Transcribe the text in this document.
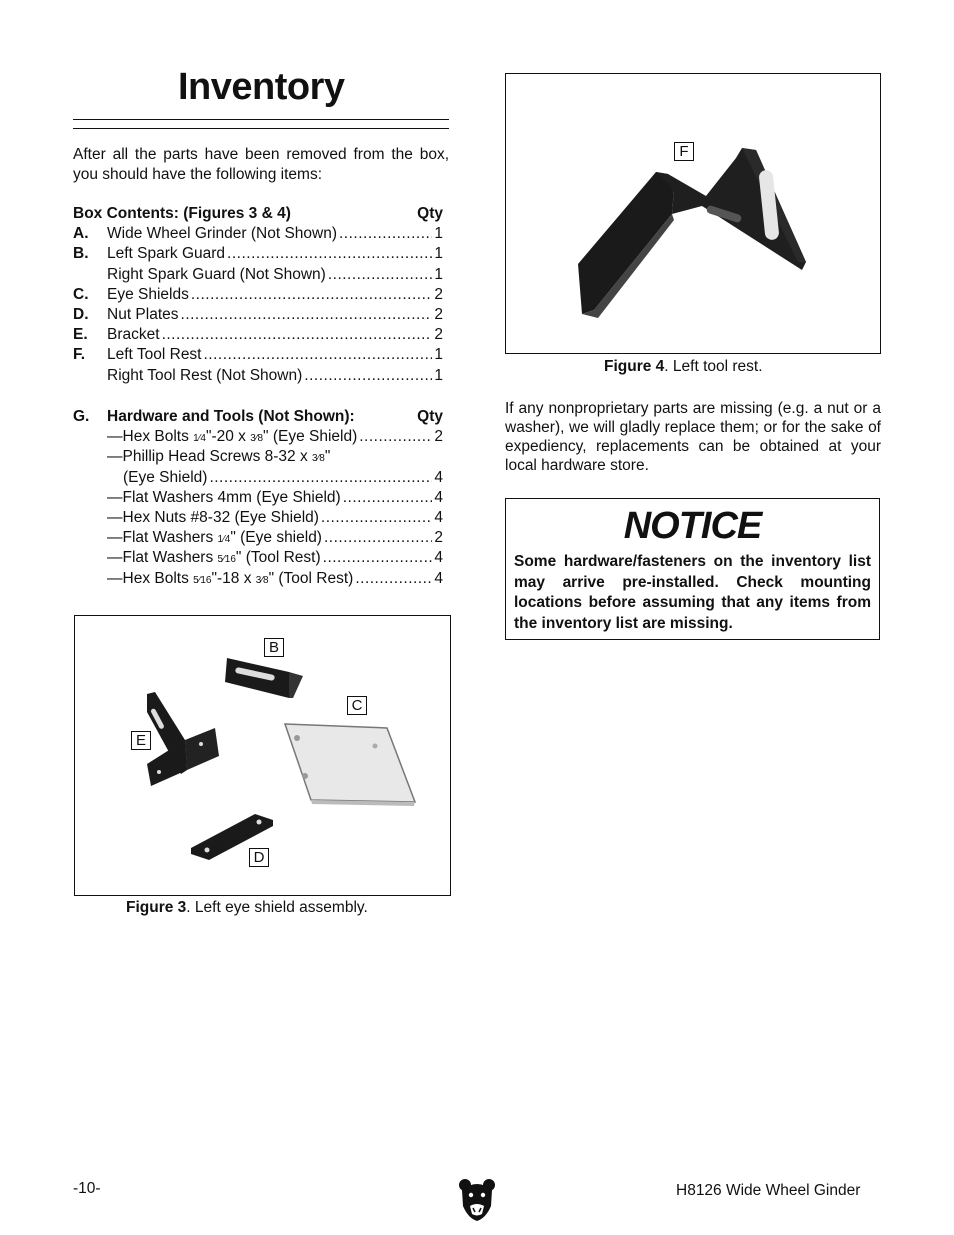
Inventory
After all the parts have been removed from the box, you should have the following items:
Box Contents: (Figures 3 & 4)	Qty
A.	Wide Wheel Grinder (Not Shown) .....	1
B.	Left Spark Guard .....	1
Right Spark Guard (Not Shown) .....	1
C.	Eye Shields .....	2
D.	Nut Plates .....	2
E.	Bracket .....	2
F.	Left Tool Rest .....	1
Right Tool Rest (Not Shown) .....	1
G.	Hardware and Tools (Not Shown):	Qty
—Hex Bolts 1⁄4"-20 x 3⁄8" (Eye Shield) .....	2
—Phillip Head Screws 8-32 x 3⁄8"
(Eye Shield) .....	4
—Flat Washers 4mm (Eye Shield) .....	4
—Hex Nuts #8-32 (Eye Shield) .....	4
—Flat Washers 1⁄4" (Eye shield) .....	2
—Flat Washers 5⁄16" (Tool Rest) .....	4
—Hex Bolts 5⁄16"-18 x 3⁄8" (Tool Rest) .....	4
B
C
E
D
Figure 3. Left eye shield assembly.
F
Figure 4. Left tool rest.
If any nonproprietary parts are missing (e.g. a nut or a washer), we will gladly replace them; or for the sake of expediency, replacements can be obtained at your local hardware store.
NOTICE
Some hardware/fasteners on the inventory list may arrive pre-installed. Check mounting locations before assuming that any items from the inventory list are missing.
-10-	H8126 Wide Wheel Ginder
